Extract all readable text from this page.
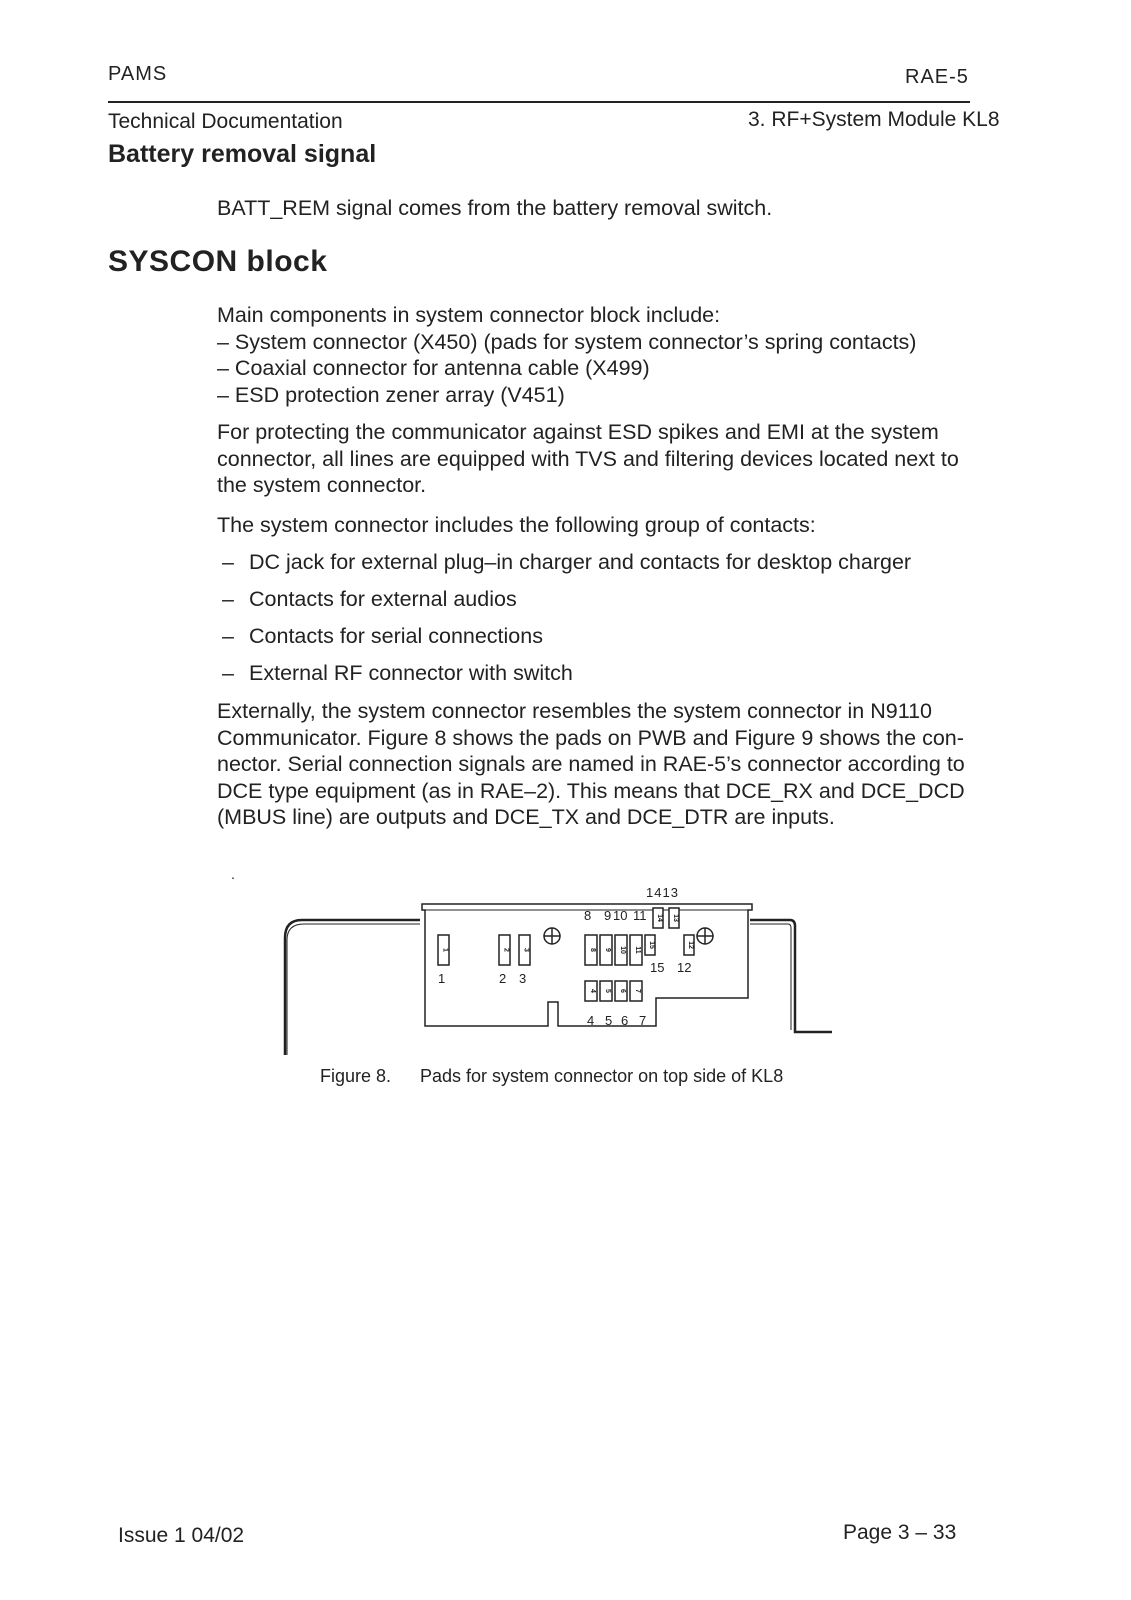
PAMS	RAE-5
Technical Documentation	3. RF+System Module KL8
Battery removal signal
BATT_REM signal comes from the battery removal switch.
SYSCON block
Main components in system connector block include:
– System connector (X450) (pads for system connector’s spring contacts)
– Coaxial connector for antenna cable (X499)
– ESD protection zener array (V451)
For protecting the communicator against ESD spikes and EMI at the system
connector, all lines are equipped with TVS and filtering devices located next to
the system connector.
The system connector includes the following group of contacts:
– DC jack for external plug–in charger and contacts for desktop charger
– Contacts for external audios
– Contacts for serial connections
– External RF connector with switch
Externally, the system connector resembles the system connector in N9110
Communicator. Figure 8 shows the pads on PWB and Figure 9 shows the con-
nector. Serial connection signals are named in RAE-5’s connector according to
DCE type equipment (as in RAE–2). This means that DCE_RX and DCE_DCD
(MBUS line) are outputs and DCE_TX and DCE_DTR are inputs.
.
1	2 3	8 9 10 11
4 5 6 7
14 13
15	12
1413
8 9 10 11
1	2 3
15 12
4 5 6 7
Figure 8. Pads for system connector on top side of KL8
Issue 1 04/02	Page 3 – 33
